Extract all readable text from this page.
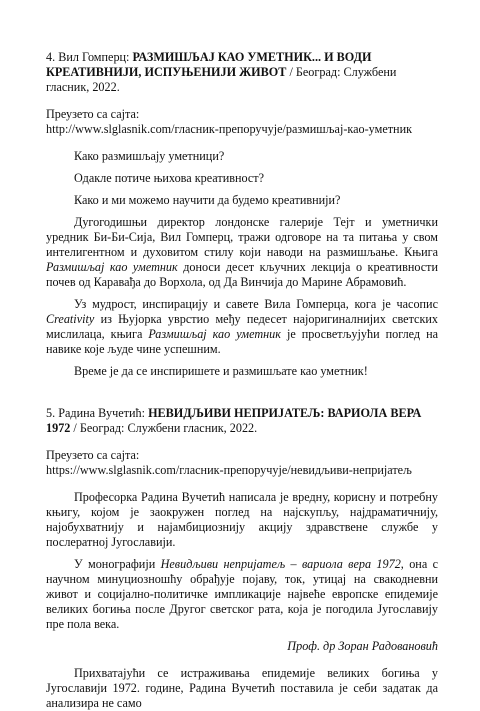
4. Вил Гомперц: РАЗМИШЉАЈ КАО УМЕТНИК... И ВОДИ КРЕАТИВНИЈИ, ИСПУЊЕНИЈИ ЖИВОТ / Београд: Службени гласник, 2022.

Преузето са сајта:

http://www.slglasnik.com/гласник-препоручује/размишљај-као-уметник

Како размишљају уметници?

Одакле потиче њихова креативност?

Како и ми можемо научити да будемо креативнији?

Дугогодишњи директор лондонске галерије Тејт и уметнички уредник Би-Би-Сија, Вил Гомперц, тражи одговоре на та питања у свом интелигентном и духовитом стилу који наводи на размишљање. Књига Размишљај као уметник доноси десет кључних лекција о креативности почев од Каравађа до Ворхола, од Да Винчија до Марине Абрамовић.

Уз мудрост, инспирацију и савете Вила Гомперца, кога је часопис Creativity из Њујорка уврстио међу педесет најоригиналнијих светских мислилаца, књига Размишљај као уметник је просветљујући поглед на навике које људе чине успешним.

Време је да се инспиришете и размишљате као уметник!

5. Радина Вучетић: НЕВИДЉИВИ НЕПРИЈАТЕЉ: ВАРИОЛА ВЕРА 1972 / Београд: Службени гласник, 2022.

Преузето са сајта:

https://www.slglasnik.com/гласник-препоручује/невидљиви-непријатељ

Професорка Радина Вучетић написала је вредну, корисну и потребну књигу, којом је заокружен поглед на најскупљу, најдраматичнију, најобухватнију и најамбициознију акцију здравствене службе у послератној Југославији.

У монографији Невидљиви непријатељ – вариола вера 1972, она с научном минуциозношћу обрађује појаву, ток, утицај на свакодневни живот и социјално-политичке импликације највеће европске епидемије великих богиња после Другог светског рата, која је погодила Југославију пре пола века.

Проф. др Зоран Радовановић

Прихватајући се истраживања епидемије великих богиња у Југославији 1972. године, Радина Вучетић поставила је себи задатак да анализира не само
